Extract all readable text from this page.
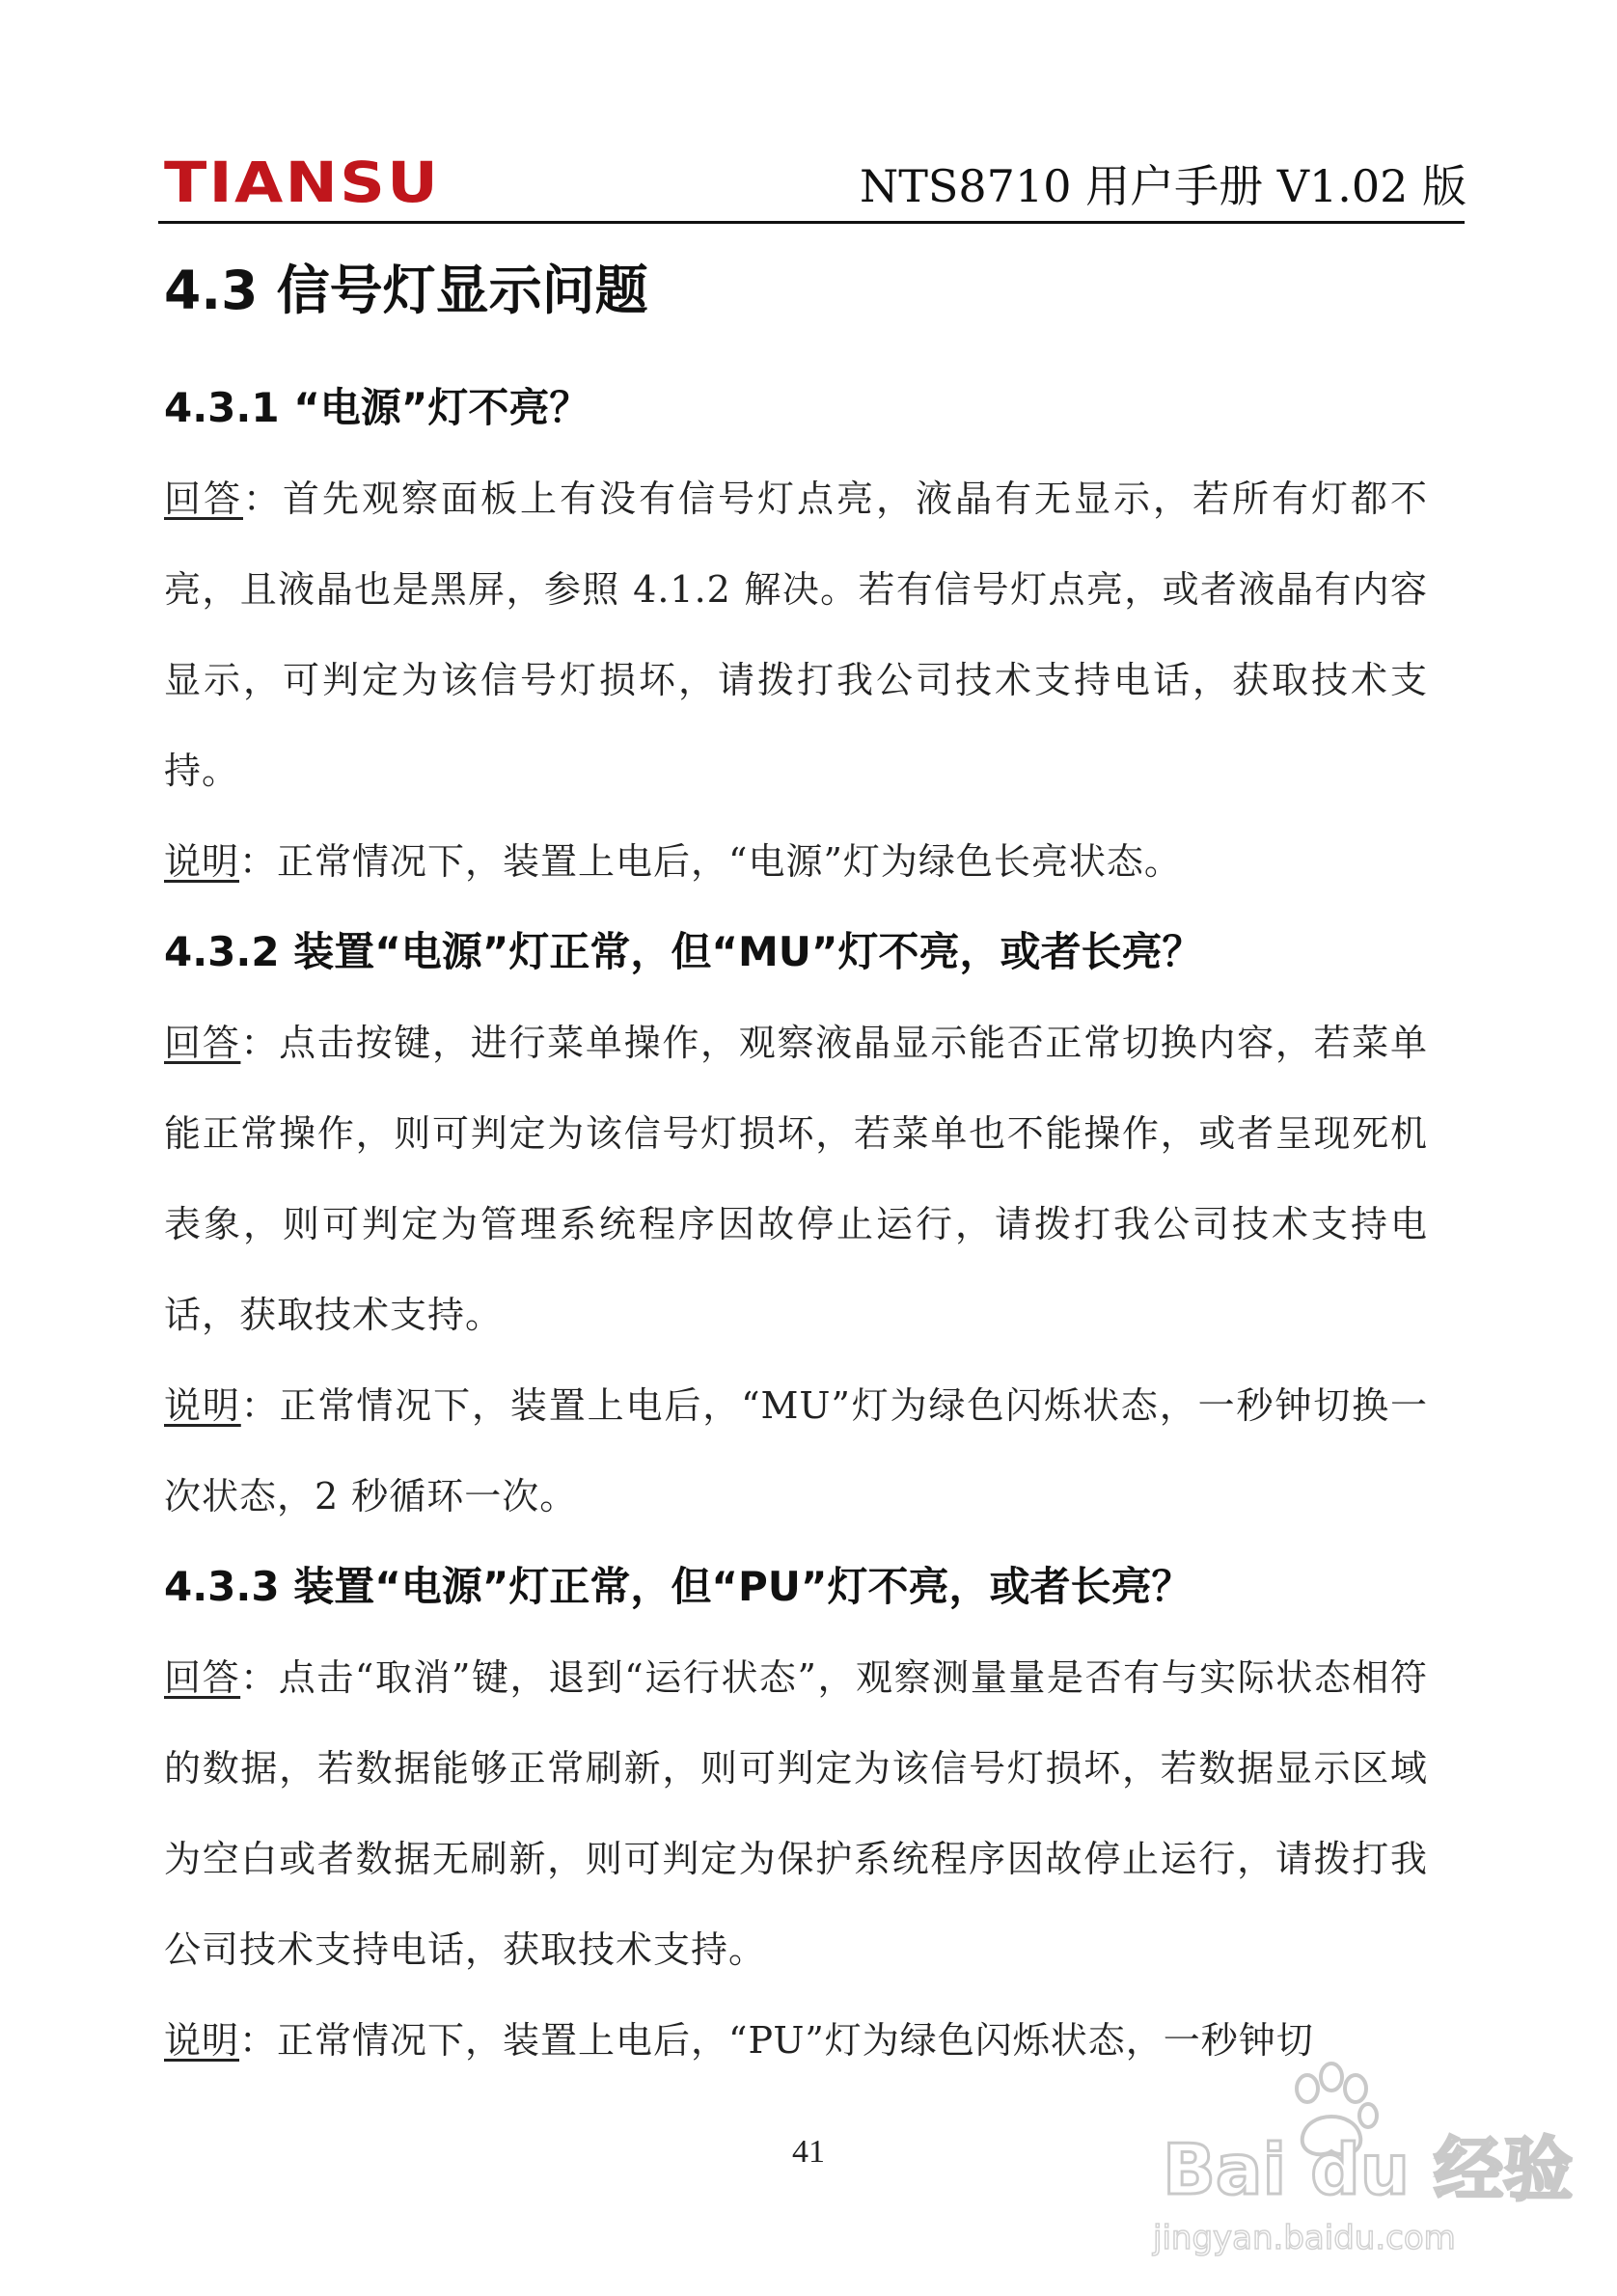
TIANSU	NTS8710 用户手册 V1.02 版
4.3 信号灯显示问题
4.3.1 “电源”灯不亮？

回答：首先观察面板上有没有信号灯点亮，液晶有无显示，若所有灯都不亮，且液晶也是黑屏，参照 4.1.2 解决。若有信号灯点亮，或者液晶有内容显示，可判定为该信号灯损坏，请拨打我公司技术支持电话，获取技术支持。

说明：正常情况下，装置上电后，“电源”灯为绿色长亮状态。

4.3.2 装置“电源”灯正常，但“MU”灯不亮，或者长亮？

回答：点击按键，进行菜单操作，观察液晶显示能否正常切换内容，若菜单能正常操作，则可判定为该信号灯损坏，若菜单也不能操作，或者呈现死机表象，则可判定为管理系统程序因故停止运行，请拨打我公司技术支持电话，获取技术支持。

说明：正常情况下，装置上电后，“MU”灯为绿色闪烁状态，一秒钟切换一次状态，2 秒循环一次。

4.3.3 装置“电源”灯正常，但“PU”灯不亮，或者长亮？

回答：点击“取消”键，退到“运行状态”，观察测量量是否有与实际状态相符的数据，若数据能够正常刷新，则可判定为该信号灯损坏，若数据显示区域为空白或者数据无刷新，则可判定为保护系统程序因故停止运行，请拨打我公司技术支持电话，获取技术支持。

说明：正常情况下，装置上电后，“PU”灯为绿色闪烁状态，一秒钟切

41	Bai du 经验
jingyan.baidu.com
